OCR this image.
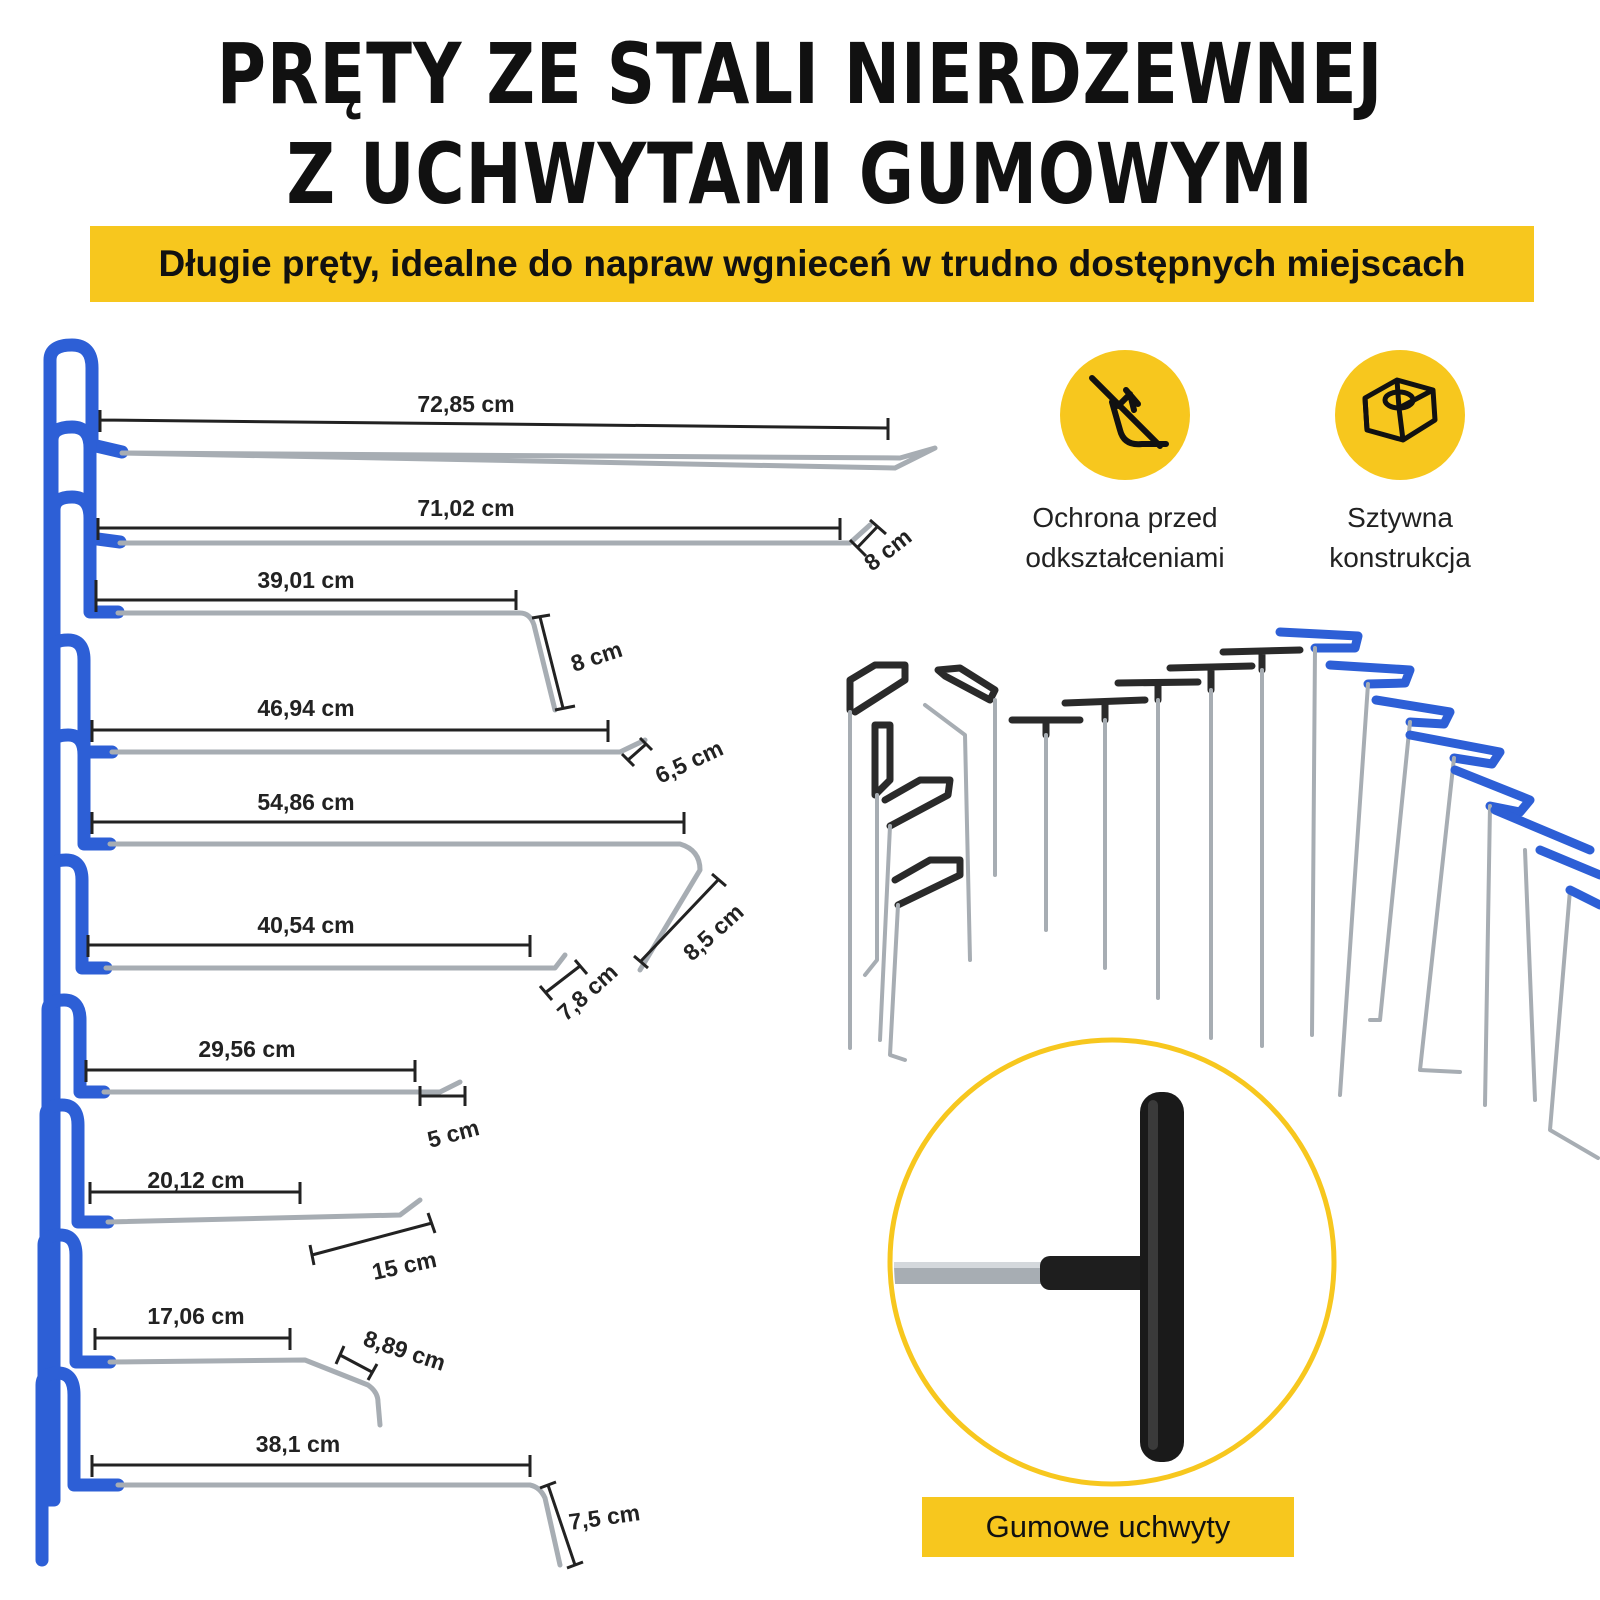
PRĘTY ZE STALI NIERDZEWNEJ
Z UCHWYTAMI GUMOWYMI
Długie pręty, idealne do napraw wgnieceń w trudno dostępnych miejscach
72,85 cm
71,02 cm
39,01 cm
46,94 cm
54,86 cm
40,54 cm
29,56 cm
20,12 cm
17,06 cm
38,1 cm
8 cm
8 cm
6,5 cm
8,5 cm
7,8 cm
5 cm
15 cm
8,89 cm
7,5 cm
Ochrona przed
odkształceniami
Sztywna
konstrukcja
Gumowe uchwyty
